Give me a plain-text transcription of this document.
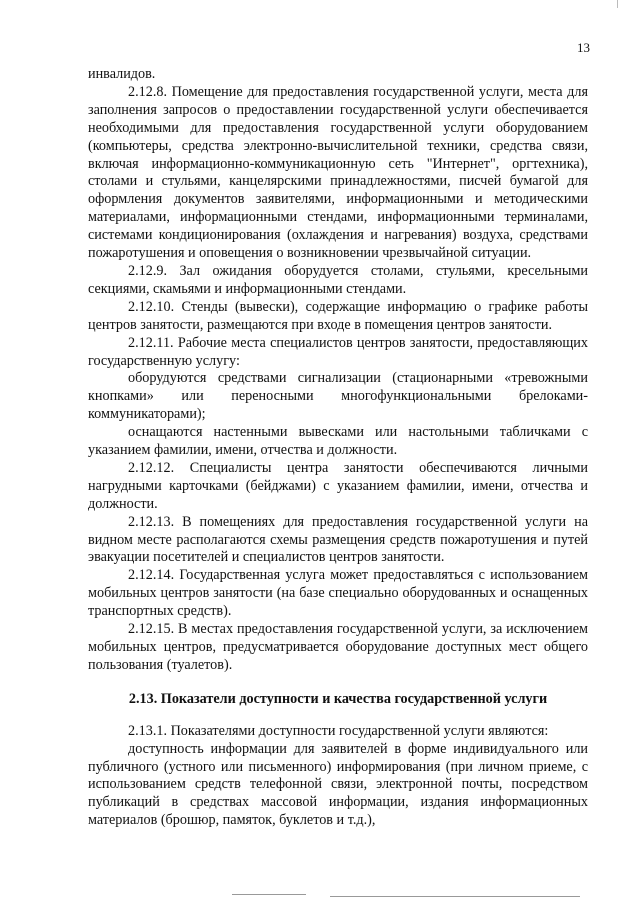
13

инвалидов.

2.12.8. Помещение для предоставления государственной услуги, места для заполнения запросов о предоставлении государственной услуги обеспечивается необходимыми для предоставления государственной услуги оборудованием (компьютеры, средства электронно-вычислительной техники, средства связи, включая информационно-коммуникационную сеть "Интернет", оргтехника), столами и стульями, канцелярскими принадлежностями, писчей бумагой для оформления документов заявителями, информационными и методическими материалами, информационными стендами, информационными терминалами, системами кондиционирования (охлаждения и нагревания) воздуха, средствами пожаротушения и оповещения о возникновении чрезвычайной ситуации.

2.12.9. Зал ожидания оборудуется столами, стульями, кресельными секциями, скамьями и информационными стендами.

2.12.10. Стенды (вывески), содержащие информацию о графике работы центров занятости, размещаются при входе в помещения центров занятости.

2.12.11. Рабочие места специалистов центров занятости, предоставляющих государственную услугу:

оборудуются средствами сигнализации (стационарными «тревожными кнопками» или переносными многофункциональными брелоками-коммуникаторами);

оснащаются настенными вывесками или настольными табличками с указанием фамилии, имени, отчества и должности.

2.12.12. Специалисты центра занятости обеспечиваются личными нагрудными карточками (бейджами) с указанием фамилии, имени, отчества и должности.

2.12.13. В помещениях для предоставления государственной услуги на видном месте располагаются схемы размещения средств пожаротушения и путей эвакуации посетителей и специалистов центров занятости.

2.12.14. Государственная услуга может предоставляться с использованием мобильных центров занятости (на базе специально оборудованных и оснащенных транспортных средств).

2.12.15. В местах предоставления государственной услуги, за исключением мобильных центров, предусматривается оборудование доступных мест общего пользования (туалетов).

2.13. Показатели доступности и качества государственной услуги

2.13.1. Показателями доступности государственной услуги являются:

доступность информации для заявителей в форме индивидуального или публичного (устного или письменного) информирования (при личном приеме, с использованием средств телефонной связи, электронной почты, посредством публикаций в средствах массовой информации, издания информационных материалов (брошюр, памяток, буклетов и т.д.),
